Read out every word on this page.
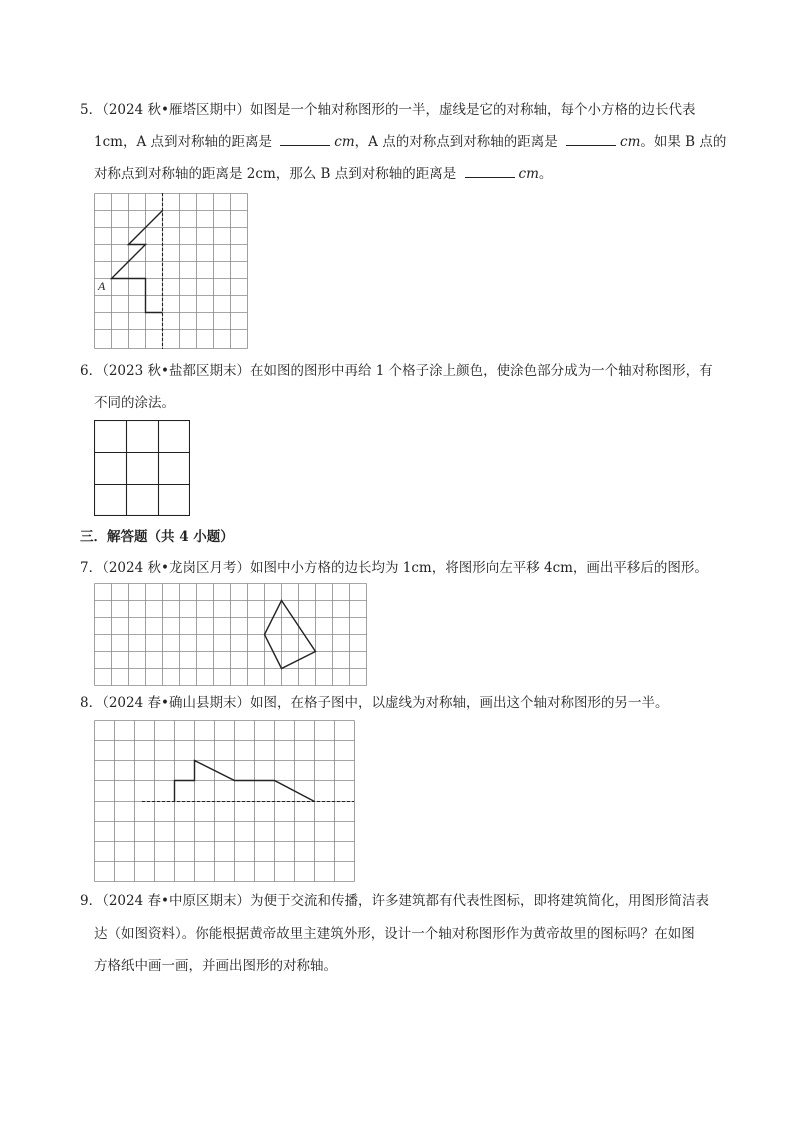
5．（2024 秋•雁塔区期中）如图是一个轴对称图形的一半，虚线是它的对称轴，每个小方格的边长代表
1cm，A 点到对称轴的距离是	cm，A 点的对称点到对称轴的距离是	cm。如果 B 点的
对称点到对称轴的距离是 2cm，那么 B 点到对称轴的距离是	cm。
A
6．（2023 秋•盐都区期末）在如图的图形中再给 1 个格子涂上颜色，使涂色部分成为一个轴对称图形，有
不同的涂法。
三．解答题（共 4 小题）
7．（2024 秋•龙岗区月考）如图中小方格的边长均为 1cm，将图形向左平移 4cm，画出平移后的图形。
8．（2024 春•确山县期末）如图，在格子图中，以虚线为对称轴，画出这个轴对称图形的另一半。
9．（2024 春•中原区期末）为便于交流和传播，许多建筑都有代表性图标，即将建筑简化，用图形简洁表
达（如图资料）。你能根据黄帝故里主建筑外形，设计一个轴对称图形作为黄帝故里的图标吗？在如图
方格纸中画一画，并画出图形的对称轴。
